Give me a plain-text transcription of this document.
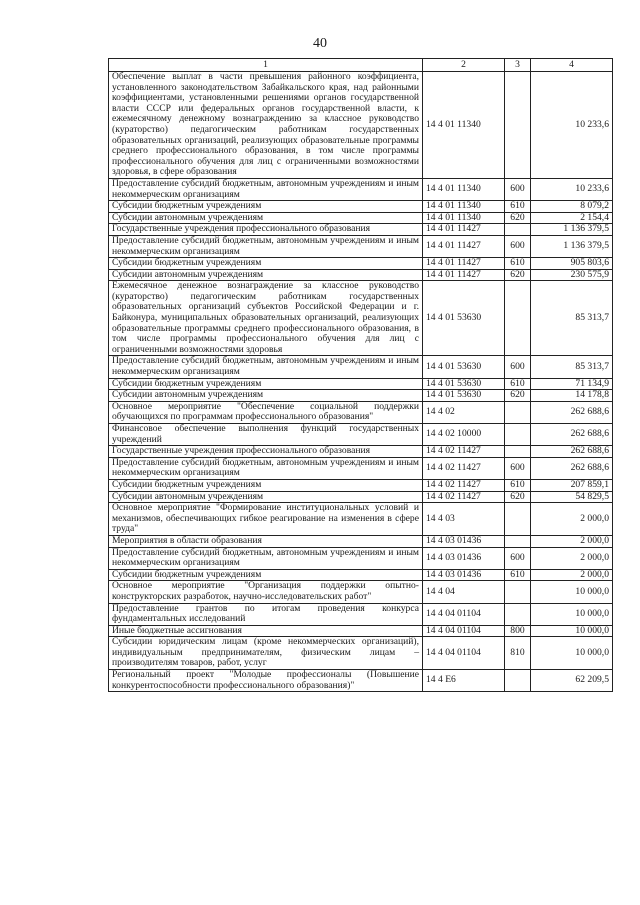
40
1	2	3	4
Обеспечение выплат в части превышения районного коэффициента, установленного законодательством Забайкальского края, над районными коэффициентами, установленными решениями органов государственной власти СССР или федеральных органов государственной власти, к ежемесячному денежному вознаграждению за классное руководство (кураторство) педагогическим работникам государственных образовательных организаций, реализующих образовательные программы среднего профессионального образования, в том числе программы профессионального обучения для лиц с ограниченными возможностями здоровья, в сфере образования	14 4 01 11340		10 233,6
Предоставление субсидий бюджетным, автономным учреждениям и иным некоммерческим организациям	14 4 01 11340	600	10 233,6
Субсидии бюджетным учреждениям	14 4 01 11340	610	8 079,2
Субсидии автономным учреждениям	14 4 01 11340	620	2 154,4
Государственные учреждения профессионального образования	14 4 01 11427		1 136 379,5
Предоставление субсидий бюджетным, автономным учреждениям и иным некоммерческим организациям	14 4 01 11427	600	1 136 379,5
Субсидии бюджетным учреждениям	14 4 01 11427	610	905 803,6
Субсидии автономным учреждениям	14 4 01 11427	620	230 575,9
Ежемесячное денежное вознаграждение за классное руководство (кураторство) педагогическим работникам государственных образовательных организаций субъектов Российской Федерации и г. Байконура, муниципальных образовательных организаций, реализующих образовательные программы среднего профессионального образования, в том числе программы профессионального обучения для лиц с ограниченными возможностями здоровья	14 4 01 53630		85 313,7
Предоставление субсидий бюджетным, автономным учреждениям и иным некоммерческим организациям	14 4 01 53630	600	85 313,7
Субсидии бюджетным учреждениям	14 4 01 53630	610	71 134,9
Субсидии автономным учреждениям	14 4 01 53630	620	14 178,8
Основное мероприятие "Обеспечение социальной поддержки обучающихся по программам профессионального образования"	14 4 02		262 688,6
Финансовое обеспечение выполнения функций государственных учреждений	14 4 02 10000		262 688,6
Государственные учреждения профессионального образования	14 4 02 11427		262 688,6
Предоставление субсидий бюджетным, автономным учреждениям и иным некоммерческим организациям	14 4 02 11427	600	262 688,6
Субсидии бюджетным учреждениям	14 4 02 11427	610	207 859,1
Субсидии автономным учреждениям	14 4 02 11427	620	54 829,5
Основное мероприятие "Формирование институциональных условий и механизмов, обеспечивающих гибкое реагирование на изменения в сфере труда"	14 4 03		2 000,0
Мероприятия в области образования	14 4 03 01436		2 000,0
Предоставление субсидий бюджетным, автономным учреждениям и иным некоммерческим организациям	14 4 03 01436	600	2 000,0
Субсидии бюджетным учреждениям	14 4 03 01436	610	2 000,0
Основное мероприятие "Организация поддержки опытно-конструкторских разработок, научно-исследовательских работ"	14 4 04		10 000,0
Предоставление грантов по итогам проведения конкурса фундаментальных исследований	14 4 04 01104		10 000,0
Иные бюджетные ассигнования	14 4 04 01104	800	10 000,0
Субсидии юридическим лицам (кроме некоммерческих организаций), индивидуальным предпринимателям, физическим лицам – производителям товаров, работ, услуг	14 4 04 01104	810	10 000,0
Региональный проект "Молодые профессионалы (Повышение конкурентоспособности профессионального образования)"	14 4 Е6		62 209,5
